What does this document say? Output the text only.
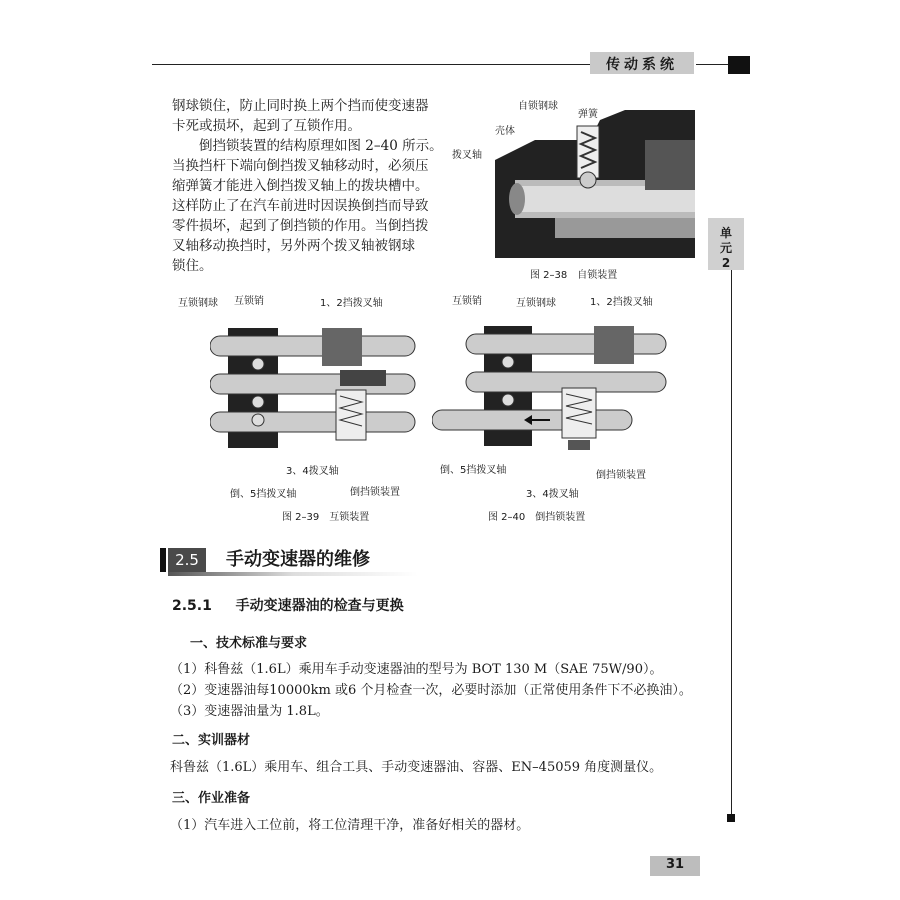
传动系统
单
元
2
钢球锁住，防止同时换上两个挡而使变速器
卡死或损坏，起到了互锁作用。
倒挡锁装置的结构原理如图 2–40 所示。
当换挡杆下端向倒挡拨叉轴移动时，必须压
缩弹簧才能进入倒挡拨叉轴上的拨块槽中。
这样防止了在汽车前进时因误换倒挡而导致
零件损坏，起到了倒挡锁的作用。当倒挡拨
叉轴移动换挡时，另外两个拨叉轴被钢球
锁住。
自锁钢球
弹簧
壳体
拨叉轴
图 2–38　自锁装置
互锁钢球 互锁销	1、2挡拨叉轴
3、4拨叉轴
倒、5挡拨叉轴	倒挡锁装置
图 2–39　互锁装置
互锁销	互锁钢球	1、2挡拨叉轴
倒、5挡拨叉轴	倒挡锁装置
3、4拨叉轴
图 2–40　倒挡锁装置
2.5	手动变速器的维修
2.5.1 手动变速器油的检查与更换
一、技术标准与要求
（1）科鲁兹（1.6L）乘用车手动变速器油的型号为 BOT 130 M（SAE 75W/90）。
（2）变速器油每10000km 或6 个月检查一次，必要时添加（正常使用条件下不必换油）。
（3）变速器油量为 1.8L。
二、实训器材
科鲁兹（1.6L）乘用车、组合工具、手动变速器油、容器、EN–45059 角度测量仪。
三、作业准备
（1）汽车进入工位前，将工位清理干净，准备好相关的器材。
31
